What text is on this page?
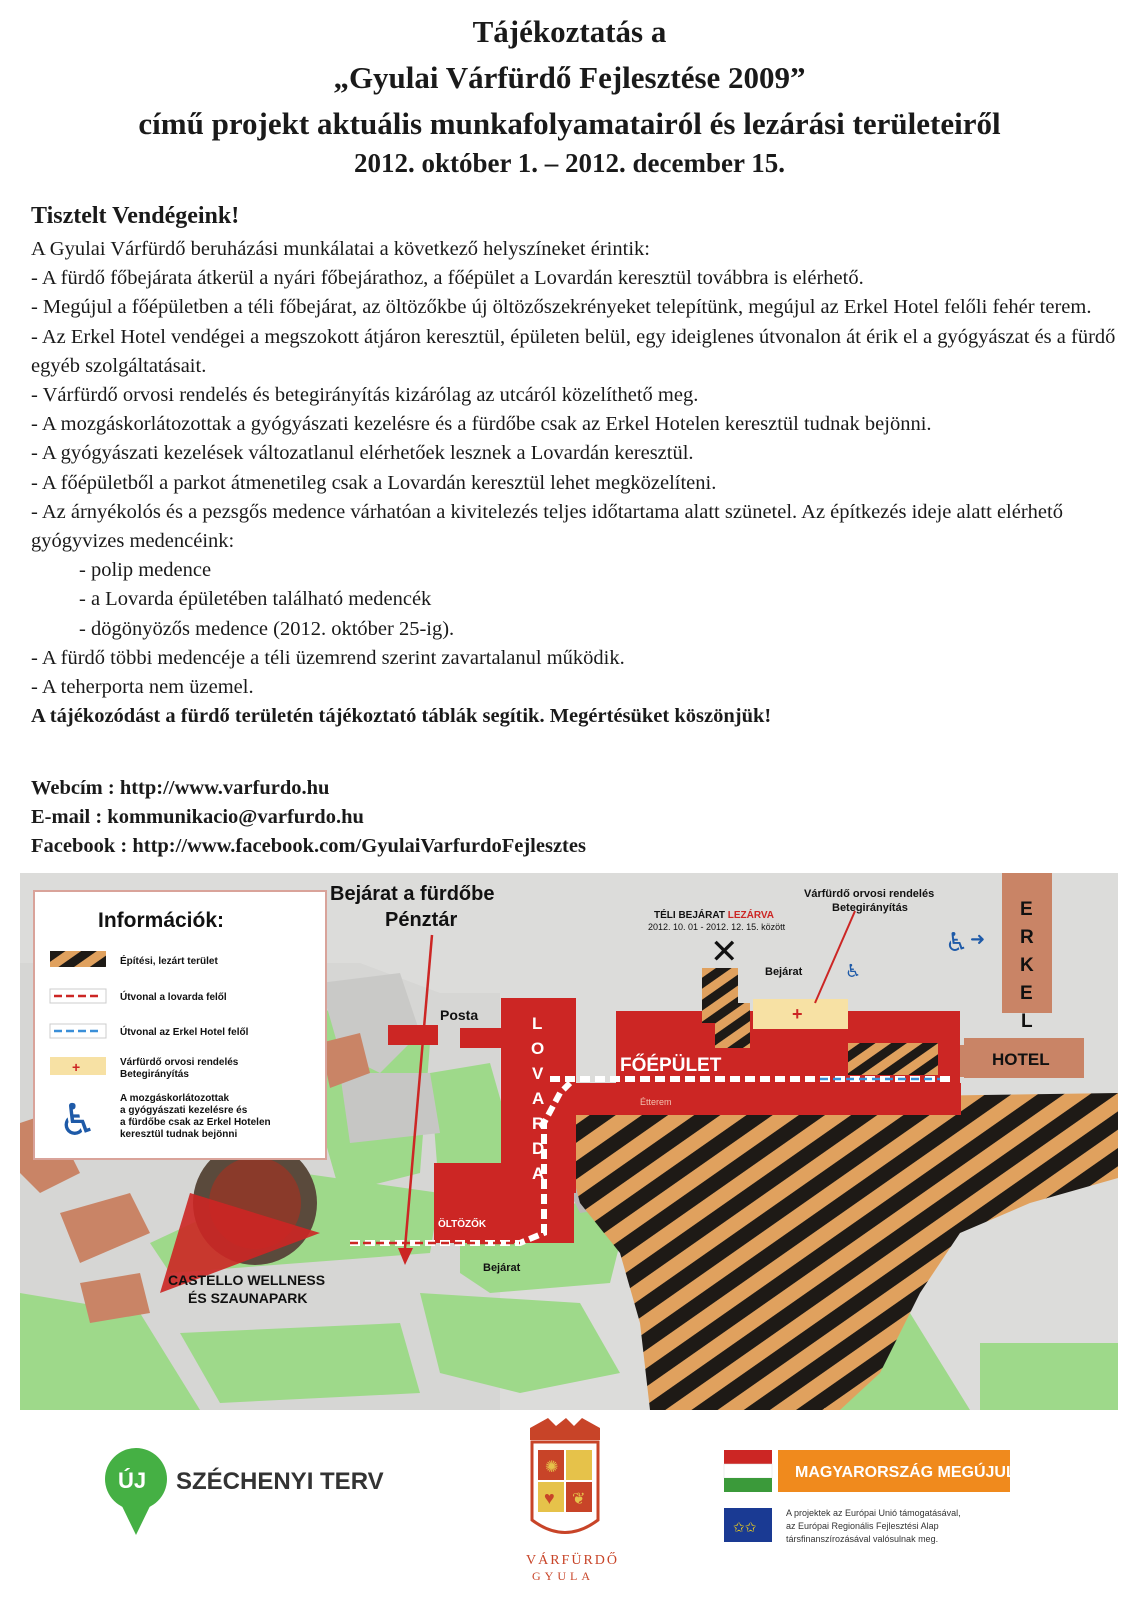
Tájékoztatás a
„Gyulai Várfürdő Fejlesztése 2009”
című projekt aktuális munkafolyamatairól és lezárási területeiről
2012. október 1. – 2012. december 15.
Tisztelt Vendégeink!

A Gyulai Várfürdő beruházási munkálatai a következő helyszíneket érintik:

- A fürdő főbejárata átkerül a nyári főbejárathoz, a főépület a Lovardán keresztül továbbra is elérhető.

- Megújul a főépületben a téli főbejárat, az öltözőkbe új öltözőszekrényeket telepítünk, megújul az Erkel Hotel felőli fehér terem.

- Az Erkel Hotel vendégei a megszokott átjáron keresztül, épületen belül, egy ideiglenes útvonalon át érik el a gyógyászat és a fürdő egyéb szolgáltatásait.

- Várfürdő orvosi rendelés és betegirányítás kizárólag az utcáról közelíthető meg.

- A mozgáskorlátozottak a gyógyászati kezelésre és a fürdőbe csak az Erkel Hotelen keresztül tudnak bejönni.

- A gyógyászati kezelések változatlanul elérhetőek lesznek a Lovardán keresztül.

- A főépületből a parkot átmenetileg csak a Lovardán keresztül lehet megközelíteni.

- Az árnyékolós és a pezsgős medence várhatóan a kivitelezés teljes időtartama alatt szünetel. Az építkezés ideje alatt elérhető gyógyvizes medencéink:

- polip medence

- a Lovarda épületében található medencék

- dögönyözős medence (2012. október 25-ig).

- A fürdő többi medencéje a téli üzemrend szerint zavartalanul működik.

- A teherporta nem üzemel.

A tájékozódást a fürdő területén tájékoztató táblák segítik. Megértésüket köszönjük!

Webcím : http://www.varfurdo.hu

E-mail : kommunikacio@varfurdo.hu

Facebook : http://www.facebook.com/GyulaiVarfurdoFejlesztes

+
✕
Bejárat a fürdőbe
Pénztár	TÉLI BEJÁRAT LEZÁRVA
2012. 10. 01 - 2012. 12. 15. között
Várfürdő orvosi rendelés
Betegirányítás
Bejárat ♿
♿ ➜
Posta	L
O
V
A
R
D
A
FŐÉPÜLET
Étterem
E
R
K
E
L
HOTEL
ÖLTÖZŐK
Bejárat
CASTELLO WELLNESS
ÉS SZAUNAPARK
Információk:
Építési, lezárt terület
Útvonal a lovarda felől
Útvonal az Erkel Hotel felől
+	Várfürdő orvosi rendelés
Betegirányítás
♿ A mozgáskorlátozottak
a gyógyászati kezelésre és
a fürdőbe csak az Erkel Hotelen
keresztül tudnak bejönni
ÚJ SZÉCHENYI TERV
✺
♥ ❦
VÁRFÜRDŐ
GYULA
MAGYARORSZÁG MEGÚJUL
✩✩
A projektek az Európai Unió támogatásával,
az Európai Regionális Fejlesztési Alap
társfinanszírozásával valósulnak meg.
